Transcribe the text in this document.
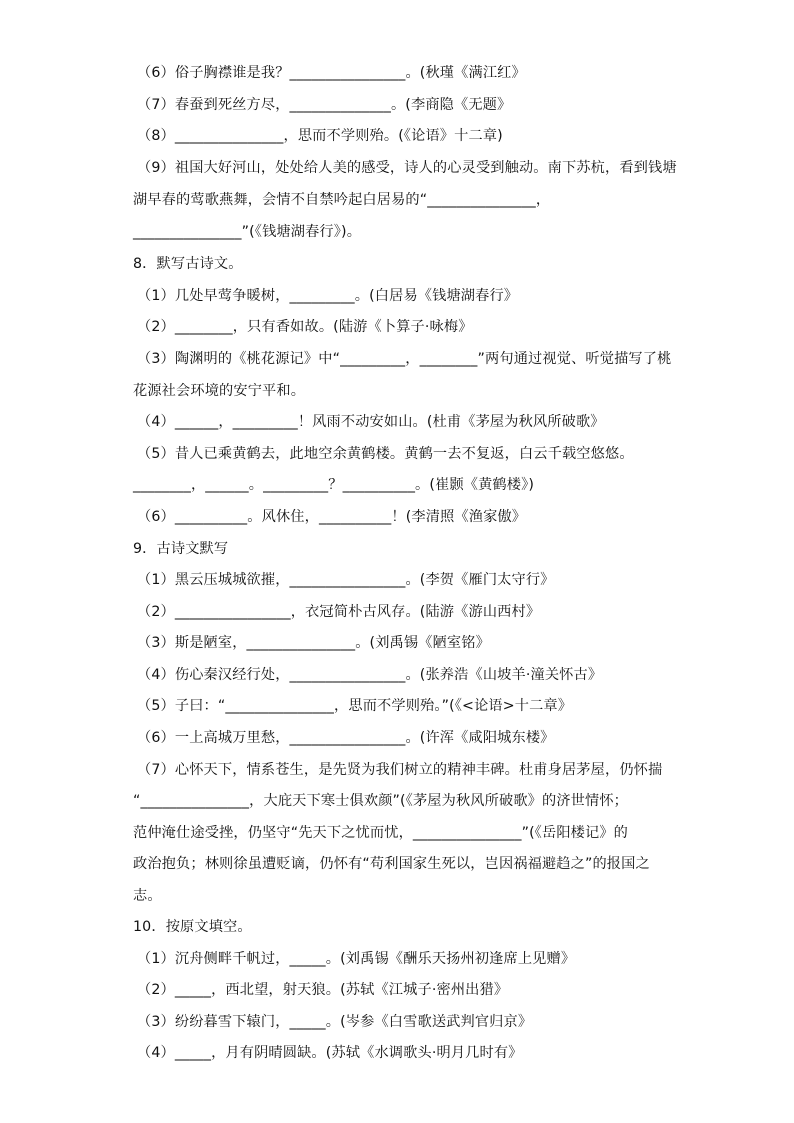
（6）俗子胸襟谁是我？________________。(秋瑾《满江红》
（7）春蚕到死丝方尽，______________。(李商隐《无题》
（8）_______________，思而不学则殆。(《论语》十二章)
（9）祖国大好河山，处处给人美的感受，诗人的心灵受到触动。南下苏杭，看到钱塘
湖早春的莺歌燕舞，会情不自禁吟起白居易的“_______________，
_______________”(《钱塘湖春行》)。
8．默写古诗文。
（1）几处早莺争暖树，_________。(白居易《钱塘湖春行》
（2）________，只有香如故。(陆游《卜算子·咏梅》
（3）陶渊明的《桃花源记》中“_________，________”两句通过视觉、听觉描写了桃
花源社会环境的安宁平和。
（4）______，_________！风雨不动安如山。(杜甫《茅屋为秋风所破歌》
（5）昔人已乘黄鹤去，此地空余黄鹤楼。黄鹤一去不复返，白云千载空悠悠。
________，______。_________？__________。(崔颢《黄鹤楼》)
（6）__________。风休住，__________！(李清照《渔家傲》
9．古诗文默写
（1）黑云压城城欲摧，________________。(李贺《雁门太守行》
（2）________________，衣冠简朴古风存。(陆游《游山西村》
（3）斯是陋室，_______________。(刘禹锡《陋室铭》
（4）伤心秦汉经行处，________________。(张养浩《山坡羊·潼关怀古》
（5）子曰：“_______________，思而不学则殆。”(《<论语>十二章》
（6）一上高城万里愁，________________。(许浑《咸阳城东楼》
（7）心怀天下，情系苍生，是先贤为我们树立的精神丰碑。杜甫身居茅屋，仍怀揣
“_______________，大庇天下寒士俱欢颜”(《茅屋为秋风所破歌》的济世情怀；
范仲淹仕途受挫，仍坚守“先天下之忧而忧，_______________”(《岳阳楼记》的
政治抱负；林则徐虽遭贬谪，仍怀有“苟利国家生死以，岂因祸福避趋之”的报国之
志。
10．按原文填空。
（1）沉舟侧畔千帆过，_____。(刘禹锡《酬乐天扬州初逢席上见赠》
（2）_____，西北望，射天狼。(苏轼《江城子·密州出猎》
（3）纷纷暮雪下辕门，_____。(岑参《白雪歌送武判官归京》
（4）_____，月有阴晴圆缺。(苏轼《水调歌头·明月几时有》
